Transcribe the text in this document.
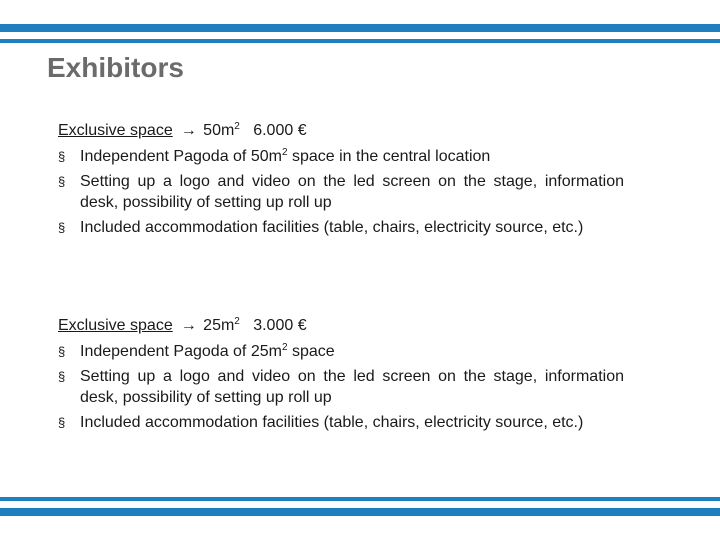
Exhibitors
Exclusive space → $50m^2$ 6.000 €
§ Independent Pagoda of $50m^2$ space in the central location
§ Setting up a logo and video on the led screen on the stage, information desk, possibility of setting up roll up
§ Included accommodation facilities (table, chairs, electricity source, etc.)
Exclusive space → $25m^2$ 3.000 €
§ Independent Pagoda of $25m^2$ space
§ Setting up a logo and video on the led screen on the stage, information desk, possibility of setting up roll up
§ Included accommodation facilities (table, chairs, electricity source, etc.)
